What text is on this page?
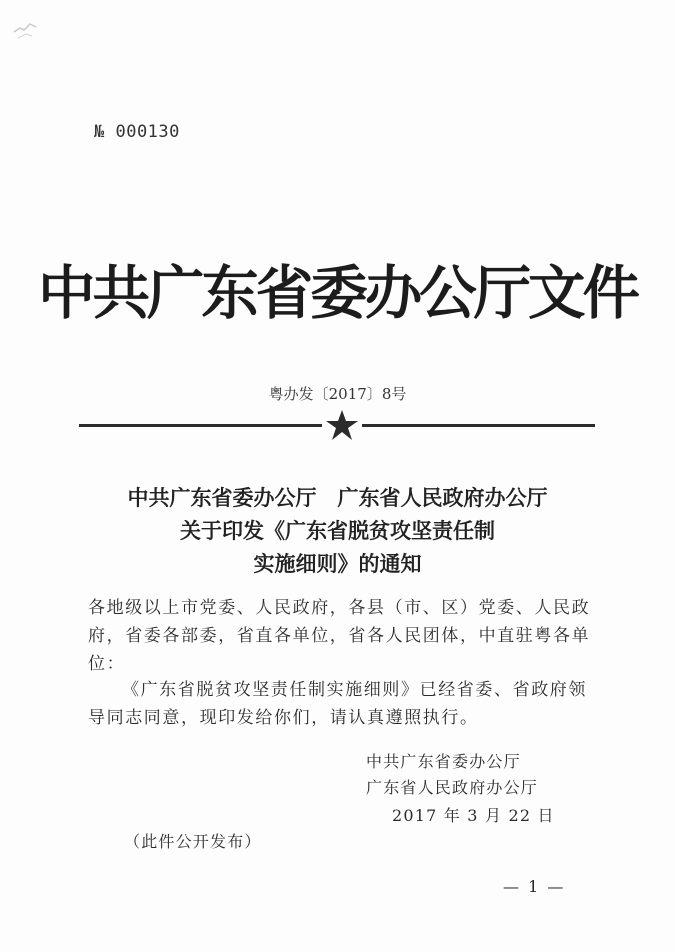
№ 000130
中共广东省委办公厅文件
粤办发〔2017〕8号
中共广东省委办公厅　广东省人民政府办公厅
关于印发《广东省脱贫攻坚责任制
实施细则》的通知
各地级以上市党委、人民政府，各县（市、区）党委、人民政府，省委各部委，省直各单位，省各人民团体，中直驻粤各单位：
《广东省脱贫攻坚责任制实施细则》已经省委、省政府领导同志同意，现印发给你们，请认真遵照执行。
中共广东省委办公厅
广东省人民政府办公厅
2017 年 3 月 22 日
（此件公开发布）
— 1 —
